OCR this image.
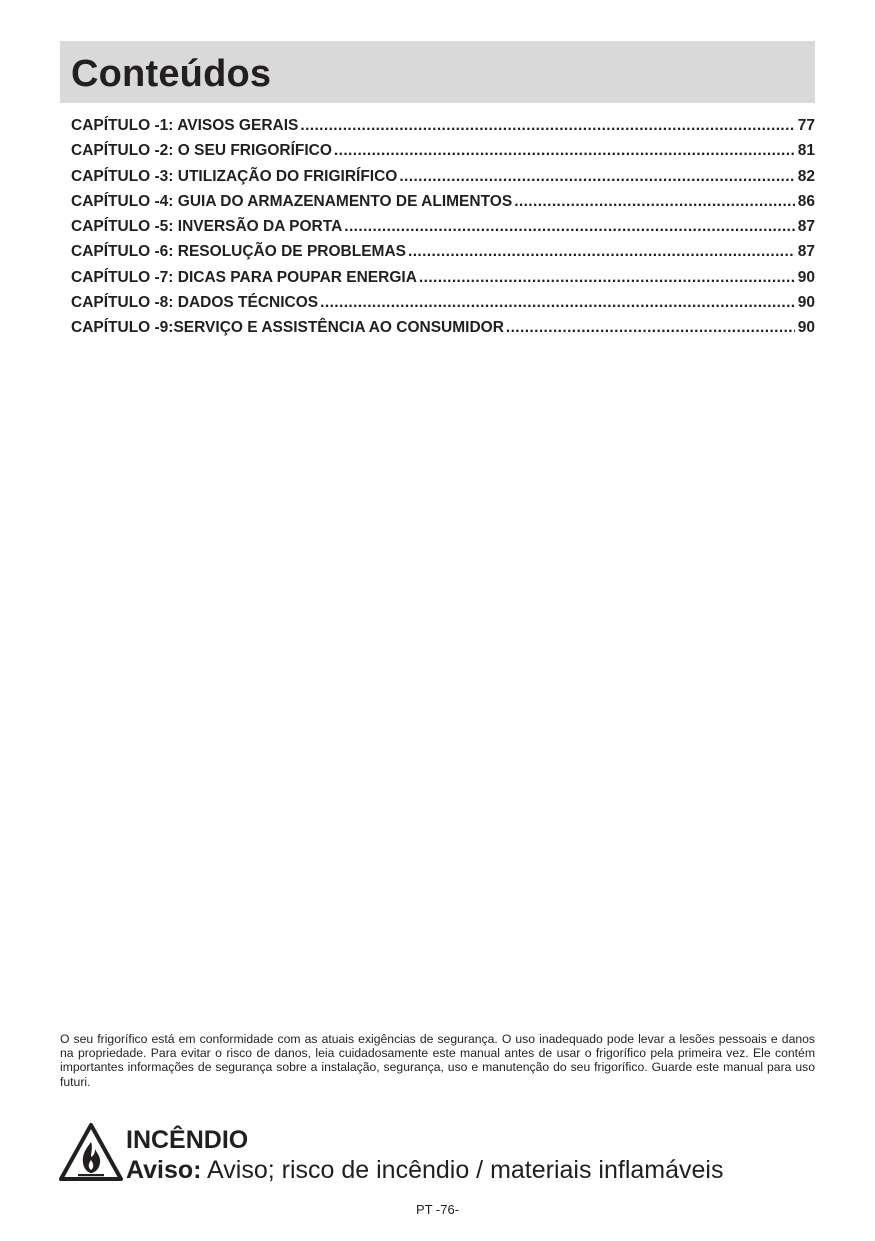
Conteúdos
CAPÍTULO -1: AVISOS GERAIS .....	77
CAPÍTULO -2: O SEU FRIGORÍFICO .....	81
CAPÍTULO -3: UTILIZAÇÃO DO FRIGIRÍFICO .....	82
CAPÍTULO -4: GUIA DO ARMAZENAMENTO DE ALIMENTOS .....	86
CAPÍTULO -5: INVERSÃO DA PORTA .....	87
CAPÍTULO -6: RESOLUÇÃO DE PROBLEMAS .....	87
CAPÍTULO -7: DICAS PARA POUPAR ENERGIA .....	90
CAPÍTULO -8: DADOS TÉCNICOS .....	90
CAPÍTULO -9:SERVIÇO E ASSISTÊNCIA AO CONSUMIDOR .....	90

O seu frigorífico está em conformidade com as atuais exigências de segurança. O uso inadequado pode levar a lesões pessoais e danos na propriedade. Para evitar o risco de danos, leia cuidadosamente este manual antes de usar o frigorífico pela primeira vez. Ele contém importantes informações de segurança sobre a instalação, segurança, uso e manutenção do seu frigorífico. Guarde este manual para uso futuri.

INCÊNDIO
Aviso: Aviso; risco de incêndio / materiais inflamáveis
PT -76-
